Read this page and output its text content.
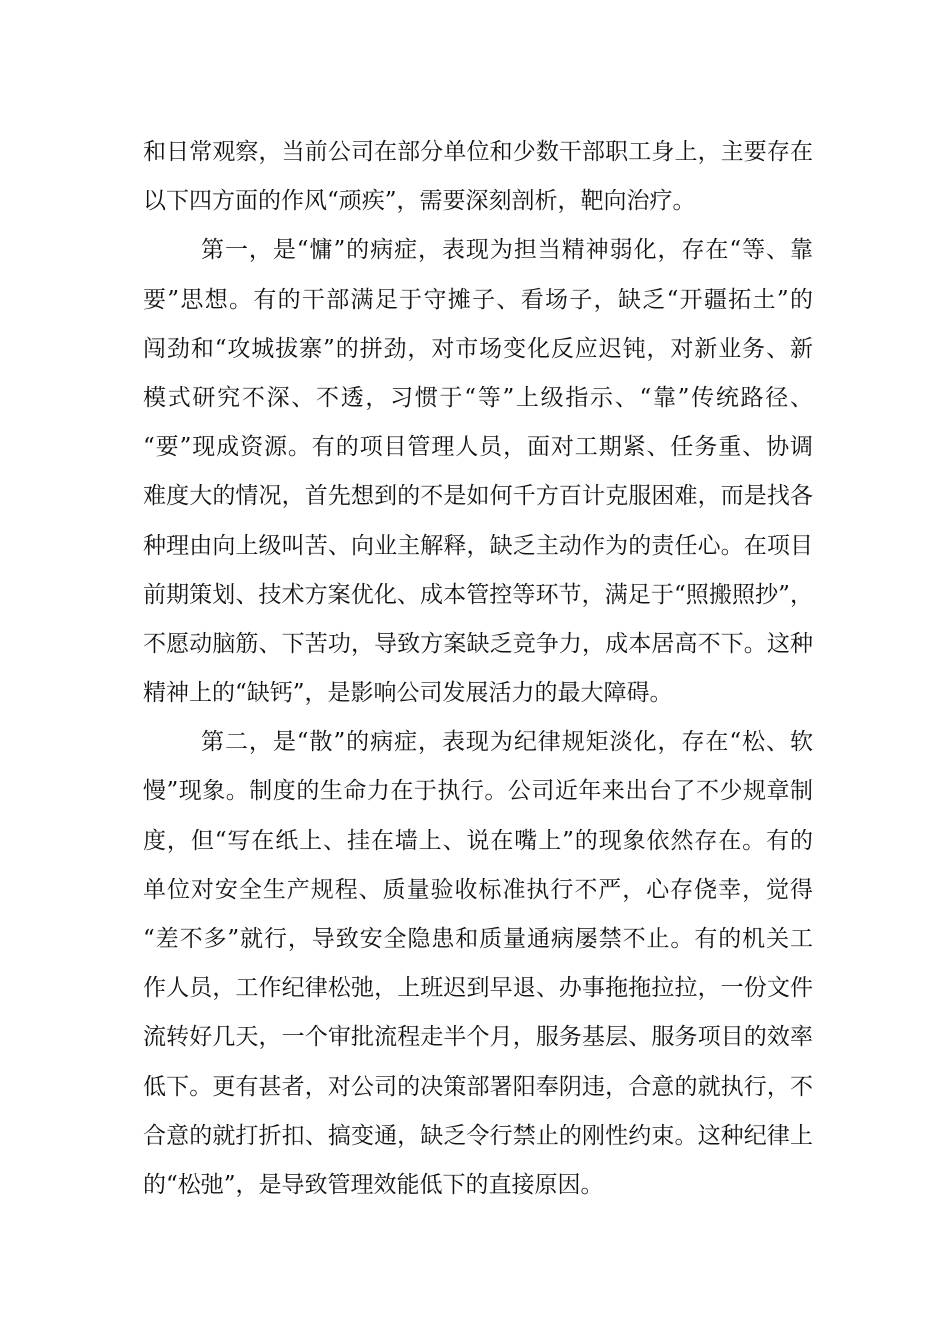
和日常观察，当前公司在部分单位和少数干部职工身上，主要存在
以下四方面的作风“顽疾”，需要深刻剖析，靶向治疗。
第一，是“慵”的病症，表现为担当精神弱化，存在“等、靠
要”思想。有的干部满足于守摊子、看场子，缺乏“开疆拓土”的
闯劲和“攻城拔寨”的拼劲，对市场变化反应迟钝，对新业务、新
模式研究不深、不透，习惯于“等”上级指示、“靠”传统路径、
“要”现成资源。有的项目管理人员，面对工期紧、任务重、协调
难度大的情况，首先想到的不是如何千方百计克服困难，而是找各
种理由向上级叫苦、向业主解释，缺乏主动作为的责任心。在项目
前期策划、技术方案优化、成本管控等环节，满足于“照搬照抄”，
不愿动脑筋、下苦功，导致方案缺乏竞争力，成本居高不下。这种
精神上的“缺钙”，是影响公司发展活力的最大障碍。
第二，是“散”的病症，表现为纪律规矩淡化，存在“松、软
慢”现象。制度的生命力在于执行。公司近年来出台了不少规章制
度，但“写在纸上、挂在墙上、说在嘴上”的现象依然存在。有的
单位对安全生产规程、质量验收标准执行不严，心存侥幸，觉得
“差不多”就行，导致安全隐患和质量通病屡禁不止。有的机关工
作人员，工作纪律松弛，上班迟到早退、办事拖拖拉拉，一份文件
流转好几天，一个审批流程走半个月，服务基层、服务项目的效率
低下。更有甚者，对公司的决策部署阳奉阴违，合意的就执行，不
合意的就打折扣、搞变通，缺乏令行禁止的刚性约束。这种纪律上
的“松弛”，是导致管理效能低下的直接原因。
